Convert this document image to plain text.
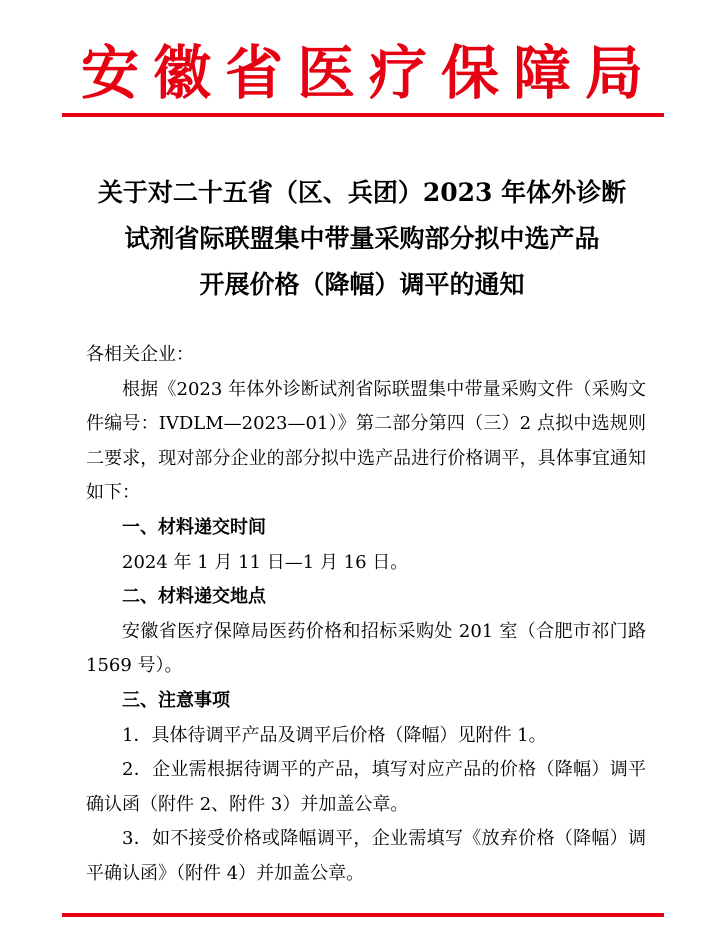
安徽省医疗保障局
关于对二十五省（区、兵团）2023 年体外诊断
试剂省际联盟集中带量采购部分拟中选产品
开展价格（降幅）调平的通知

各相关企业：

根据《2023 年体外诊断试剂省际联盟集中带量采购文件（采购文件编号：IVDLM—2023—01）》第二部分第四（三）2 点拟中选规则二要求，现对部分企业的部分拟中选产品进行价格调平，具体事宜通知如下：

一、材料递交时间

2024 年 1 月 11 日—1 月 16 日。

二、材料递交地点

安徽省医疗保障局医药价格和招标采购处 201 室（合肥市祁门路 1569 号）。

三、注意事项

1．具体待调平产品及调平后价格（降幅）见附件 1。

2．企业需根据待调平的产品，填写对应产品的价格（降幅）调平确认函（附件 2、附件 3）并加盖公章。

3．如不接受价格或降幅调平，企业需填写《放弃价格（降幅）调平确认函》（附件 4）并加盖公章。
